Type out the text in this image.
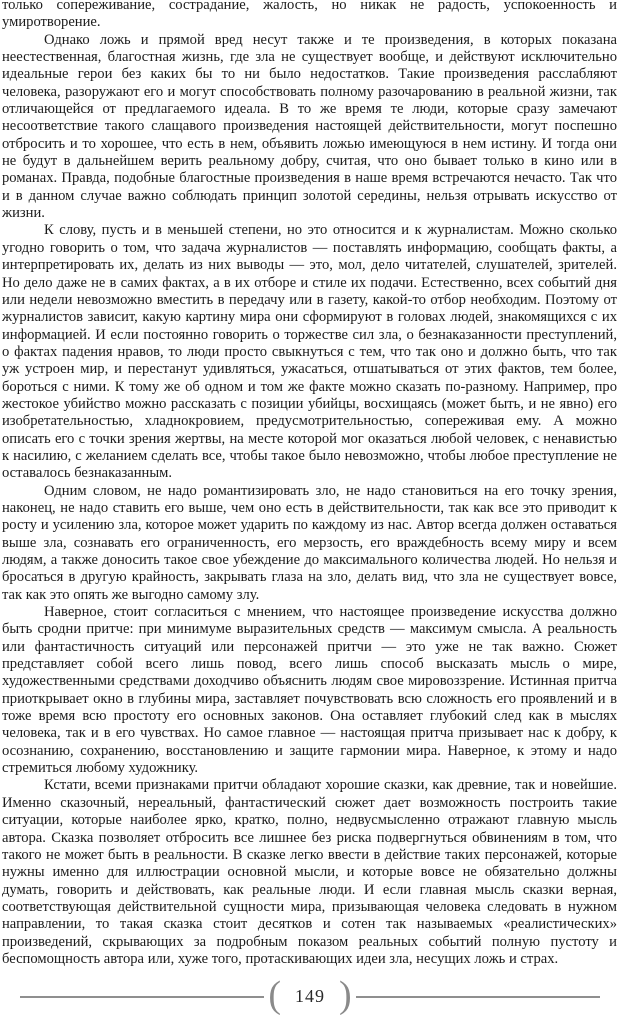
только сопереживание, сострадание, жалость, но никак не радость, успокоенность и умиротворение.

Однако ложь и прямой вред несут также и те произведения, в которых показана неестественная, благостная жизнь, где зла не существует вообще, и действуют исключительно идеальные герои без каких бы то ни было недостатков. Такие произведения расслабляют человека, разоружают его и могут способствовать полному разочарованию в реальной жизни, так отличающейся от предлагаемого идеала. В то же время те люди, которые сразу замечают несоответствие такого слащавого произведения настоящей действительности, могут поспешно отбросить и то хорошее, что есть в нем, объявить ложью имеющуюся в нем истину. И тогда они не будут в дальнейшем верить реальному добру, считая, что оно бывает только в кино или в романах. Правда, подобные благостные произведения в наше время встречаются нечасто. Так что и в данном случае важно соблюдать принцип золотой середины, нельзя отрывать искусство от жизни.

К слову, пусть и в меньшей степени, но это относится и к журналистам. Можно сколько угодно говорить о том, что задача журналистов — поставлять информацию, сообщать факты, а интерпретировать их, делать из них выводы — это, мол, дело читателей, слушателей, зрителей. Но дело даже не в самих фактах, а в их отборе и стиле их подачи. Естественно, всех событий дня или недели невозможно вместить в передачу или в газету, какой-то отбор необходим. Поэтому от журналистов зависит, какую картину мира они сформируют в головах людей, знакомящихся с их информацией. И если постоянно говорить о торжестве сил зла, о безнаказанности преступлений, о фактах падения нравов, то люди просто свыкнуться с тем, что так оно и должно быть, что так уж устроен мир, и перестанут удивляться, ужасаться, отшатываться от этих фактов, тем более, бороться с ними. К тому же об одном и том же факте можно сказать по-разному. Например, про жестокое убийство можно рассказать с позиции убийцы, восхищаясь (может быть, и не явно) его изобретательностью, хладнокровием, предусмотрительностью, сопереживая ему. А можно описать его с точки зрения жертвы, на месте которой мог оказаться любой человек, с ненавистью к насилию, с желанием сделать все, чтобы такое было невозможно, чтобы любое преступление не оставалось безнаказанным.

Одним словом, не надо романтизировать зло, не надо становиться на его точку зрения, наконец, не надо ставить его выше, чем оно есть в действительности, так как все это приводит к росту и усилению зла, которое может ударить по каждому из нас. Автор всегда должен оставаться выше зла, сознавать его ограниченность, его мерзость, его враждебность всему миру и всем людям, а также доносить такое свое убеждение до максимального количества людей. Но нельзя и бросаться в другую крайность, закрывать глаза на зло, делать вид, что зла не существует вовсе, так как это опять же выгодно самому злу.

Наверное, стоит согласиться с мнением, что настоящее произведение искусства должно быть сродни притче: при минимуме выразительных средств — максимум смысла. А реальность или фантастичность ситуаций или персонажей притчи — это уже не так важно. Сюжет представляет собой всего лишь повод, всего лишь способ высказать мысль о мире, художественными средствами доходчиво объяснить людям свое мировоззрение. Истинная притча приоткрывает окно в глубины мира, заставляет почувствовать всю сложность его проявлений и в тоже время всю простоту его основных законов. Она оставляет глубокий след как в мыслях человека, так и в его чувствах. Но самое главное — настоящая притча призывает нас к добру, к осознанию, сохранению, восстановлению и защите гармонии мира. Наверное, к этому и надо стремиться любому художнику.

Кстати, всеми признаками притчи обладают хорошие сказки, как древние, так и новейшие. Именно сказочный, нереальный, фантастический сюжет дает возможность построить такие ситуации, которые наиболее ярко, кратко, полно, недвусмысленно отражают главную мысль автора. Сказка позволяет отбросить все лишнее без риска подвергнуться обвинениям в том, что такого не может быть в реальности. В сказке легко ввести в действие таких персонажей, которые нужны именно для иллюстрации основной мысли, и которые вовсе не обязательно должны думать, говорить и действовать, как реальные люди. И если главная мысль сказки верная, соответствующая действительной сущности мира, призывающая человека следовать в нужном направлении, то такая сказка стоит десятков и сотен так называемых «реалистических» произведений, скрывающих за подробным показом реальных событий полную пустоту и беспомощность автора или, хуже того, протаскивающих идеи зла, несущих ложь и страх.

( 149 )
